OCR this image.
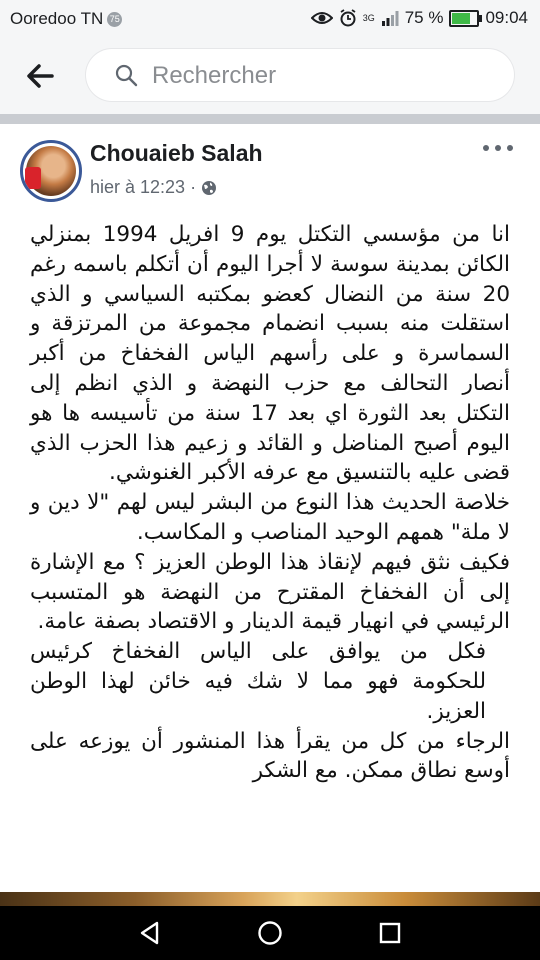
Ooredoo TN 75	3G 75 % 09:04
Rechercher
Chouaieb Salah
hier à 12:23 ·

انا من مؤسسي التكتل يوم 9 افريل 1994 بمنزلي الكائن بمدينة سوسة لا أجرا اليوم أن أتكلم باسمه رغم 20 سنة من النضال كعضو بمكتبه السياسي و الذي استقلت منه بسبب انضمام مجموعة من المرتزقة و السماسرة و على رأسهم الياس الفخفاخ من أكبر أنصار التحالف مع حزب النهضة و الذي انظم إلى التكتل بعد الثورة اي بعد 17 سنة من تأسيسه ها هو اليوم أصبح المناضل و القائد و زعيم هذا الحزب الذي قضى عليه بالتنسيق مع عرفه الأكبر الغنوشي.

خلاصة الحديث هذا النوع من البشر ليس لهم "لا دين و لا ملة" همهم الوحيد المناصب و المكاسب.

فكيف نثق فيهم لإنقاذ هذا الوطن العزيز ؟ مع الإشارة إلى أن الفخفاخ المقترح من النهضة هو المتسبب الرئيسي في انهيار قيمة الدينار و الاقتصاد بصفة عامة.

فكل من يوافق على الياس الفخفاخ كرئيس للحكومة فهو مما لا شك فيه خائن لهذا الوطن العزيز.

الرجاء من كل من يقرأ هذا المنشور أن يوزعه على أوسع نطاق ممكن. مع الشكر
